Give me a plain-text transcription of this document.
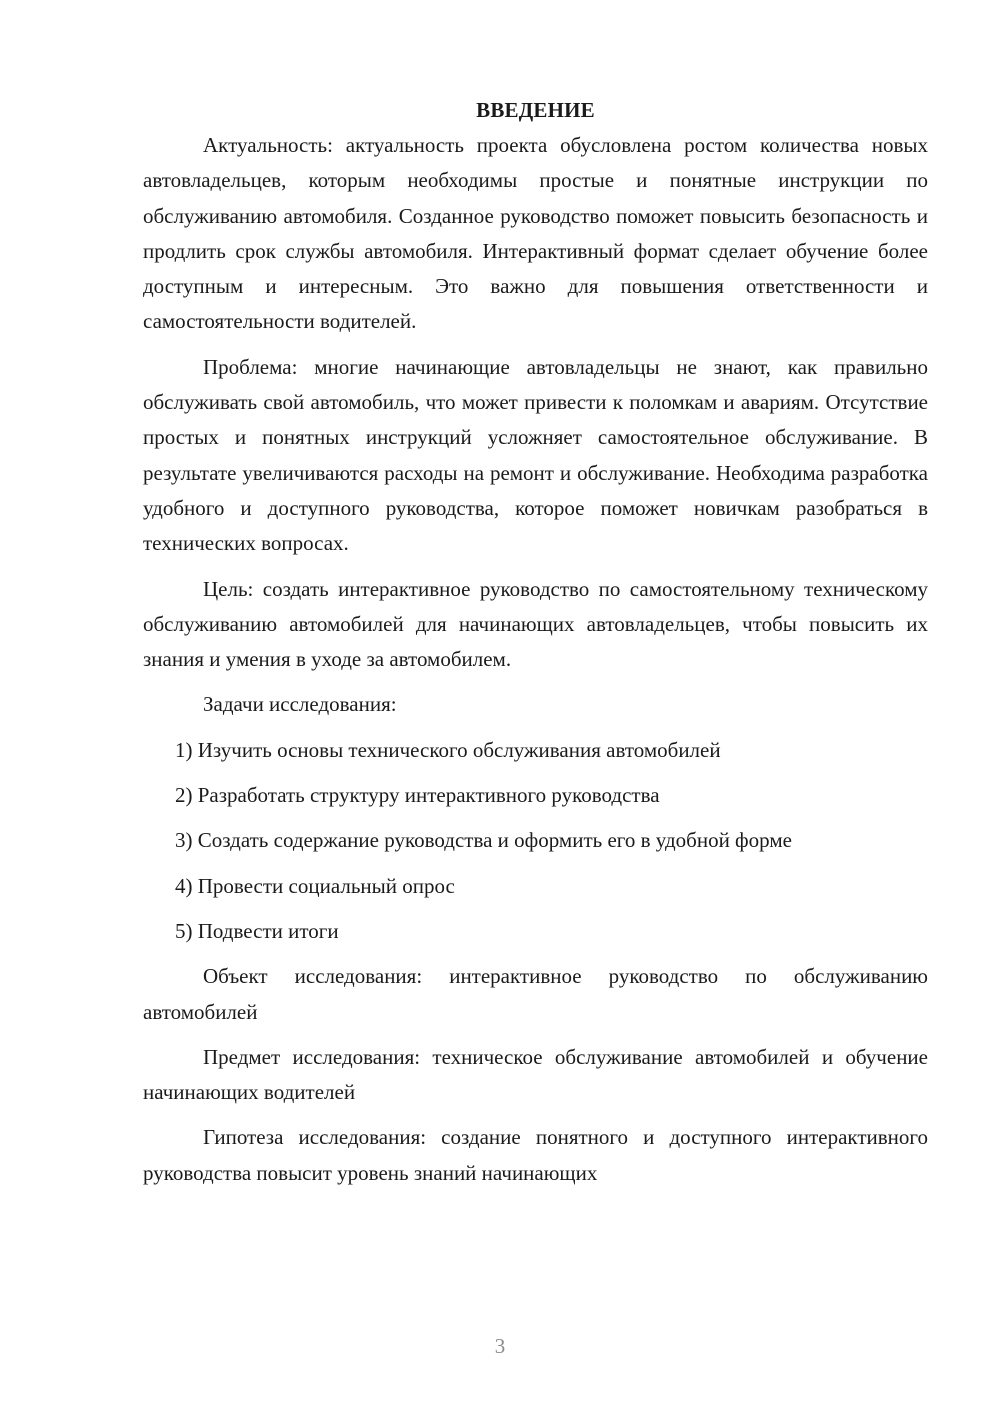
ВВЕДЕНИЕ

Актуальность: актуальность проекта обусловлена ростом количества новых автовладельцев, которым необходимы простые и понятные инструкции по обслуживанию автомобиля. Созданное руководство поможет повысить безопасность и продлить срок службы автомобиля. Интерактивный формат сделает обучение более доступным и интересным. Это важно для повышения ответственности и самостоятельности водителей.

Проблема: многие начинающие автовладельцы не знают, как правильно обслуживать свой автомобиль, что может привести к поломкам и авариям. Отсутствие простых и понятных инструкций усложняет самостоятельное обслуживание. В результате увеличиваются расходы на ремонт и обслуживание. Необходима разработка удобного и доступного руководства, которое поможет новичкам разобраться в технических вопросах.

Цель: создать интерактивное руководство по самостоятельному техническому обслуживанию автомобилей для начинающих автовладельцев, чтобы повысить их знания и умения в уходе за автомобилем.

Задачи исследования:

1) Изучить основы технического обслуживания автомобилей

2) Разработать структуру интерактивного руководства

3) Создать содержание руководства и оформить его в удобной форме

4) Провести социальный опрос

5) Подвести итоги

Объект исследования: интерактивное руководство по обслуживанию автомобилей

Предмет исследования: техническое обслуживание автомобилей и обучение начинающих водителей

Гипотеза исследования: создание понятного и доступного интерактивного руководства повысит уровень знаний начинающих

3
